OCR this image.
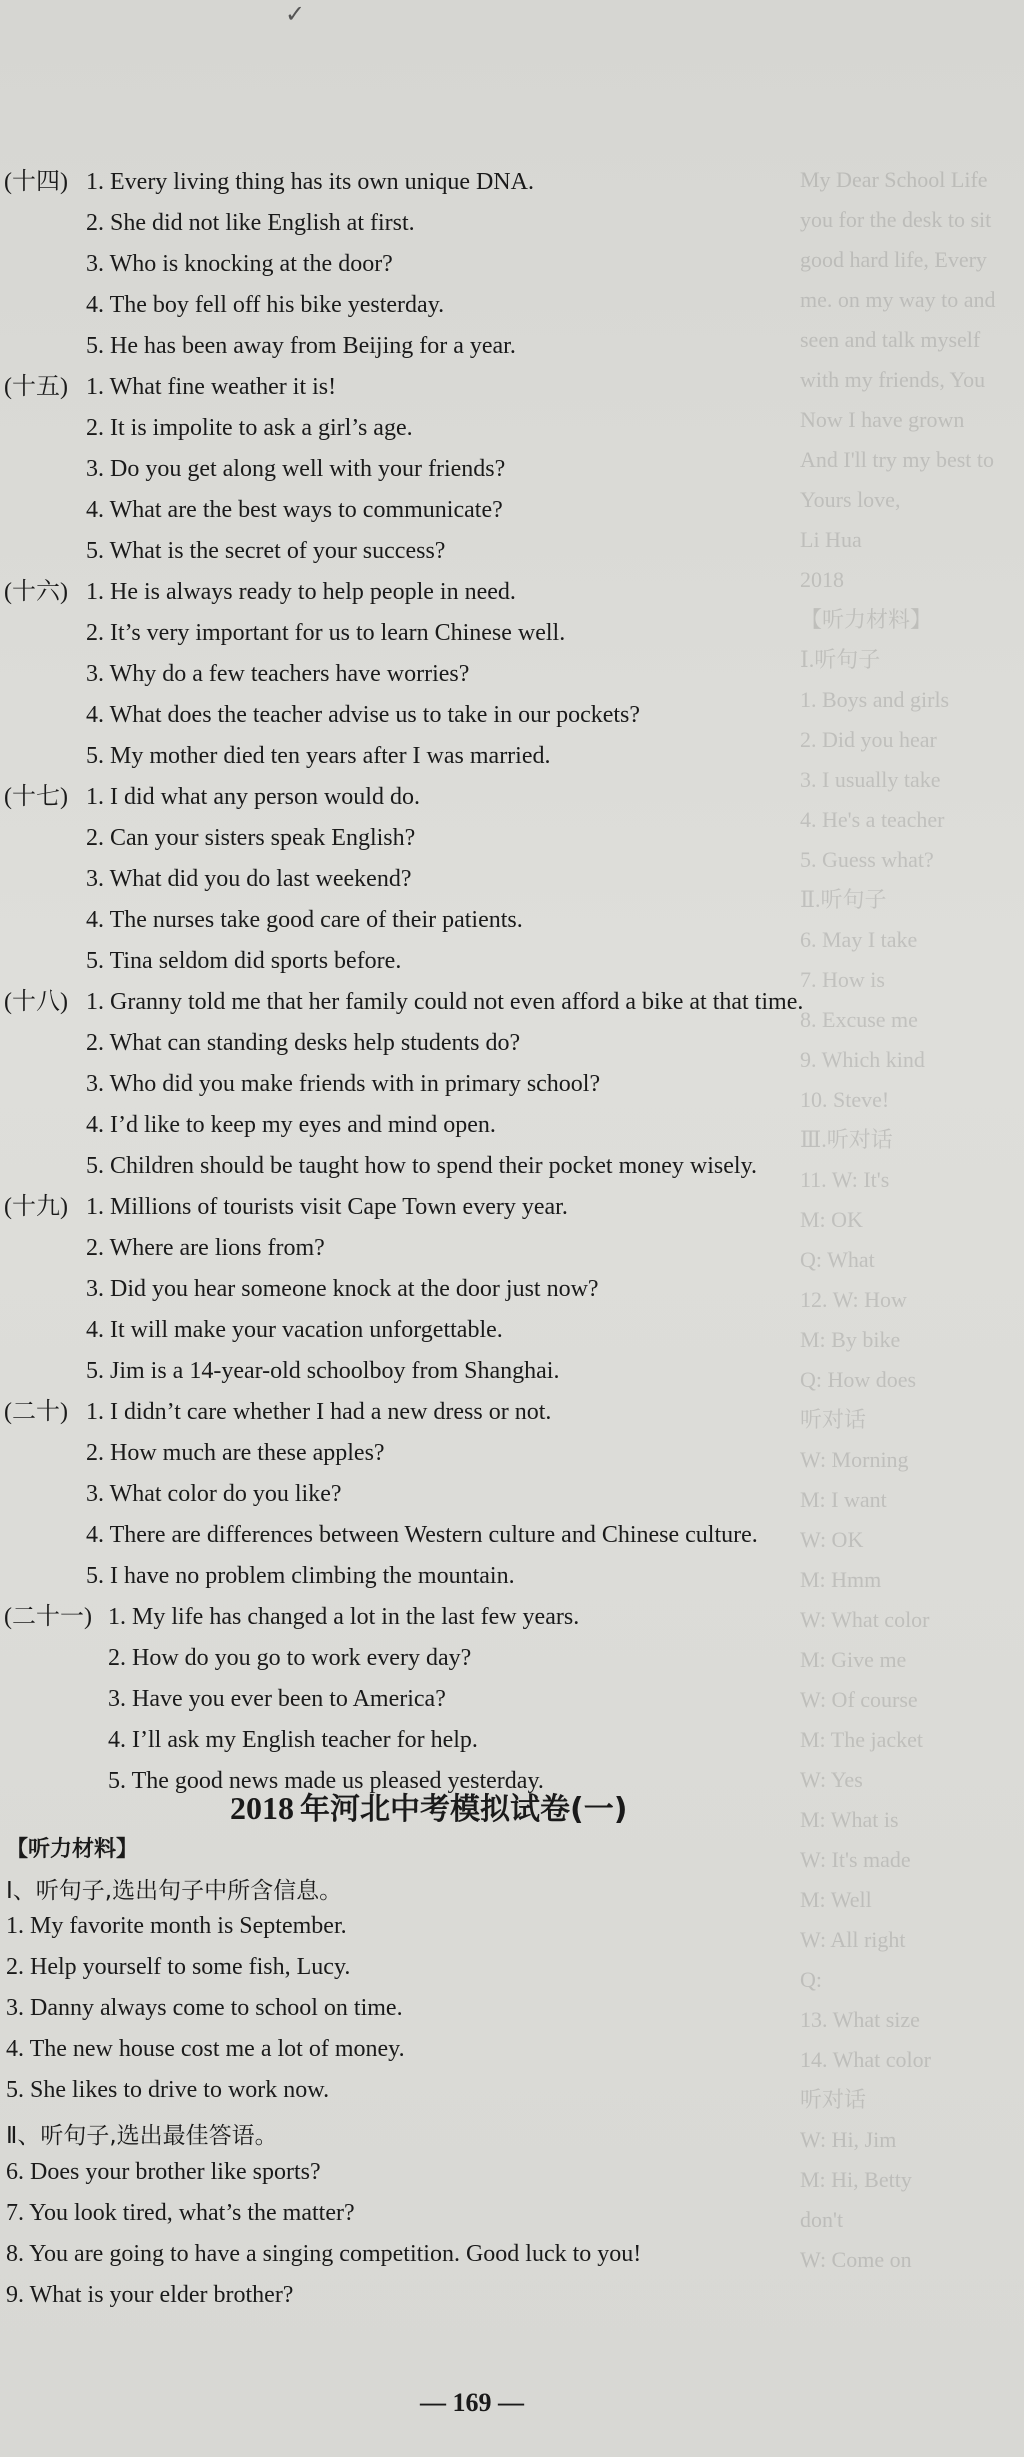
My Dear School Life
you for the desk to sit
good hard life, Every
me. on my way to and
seen and talk myself
with my friends, You
Now I have grown
And I'll try my best to
Yours love,
Li Hua
2018
【听力材料】
Ⅰ.听句子
1. Boys and girls
2. Did you hear
3. I usually take
4. He's a teacher
5. Guess what?
Ⅱ.听句子
6. May I take
7. How is
8. Excuse me
9. Which kind
10. Steve!
Ⅲ.听对话
11. W: It's
M: OK
Q: What
12. W: How
M: By bike
Q: How does
听对话
W: Morning
M: I want
W: OK
M: Hmm
W: What color
M: Give me
W: Of course
M: The jacket
W: Yes
M: What is
W: It's made
M: Well
W: All right
Q:
13. What size
14. What color
听对话
W: Hi, Jim
M: Hi, Betty
don't
W: Come on
✓
(十四) 1. Every living thing has its own unique DNA.
2. She did not like English at first.
3. Who is knocking at the door?
4. The boy fell off his bike yesterday.
5. He has been away from Beijing for a year.
(十五) 1. What fine weather it is!
2. It is impolite to ask a girl’s age.
3. Do you get along well with your friends?
4. What are the best ways to communicate?
5. What is the secret of your success?
(十六) 1. He is always ready to help people in need.
2. It’s very important for us to learn Chinese well.
3. Why do a few teachers have worries?
4. What does the teacher advise us to take in our pockets?
5. My mother died ten years after I was married.
(十七) 1. I did what any person would do.
2. Can your sisters speak English?
3. What did you do last weekend?
4. The nurses take good care of their patients.
5. Tina seldom did sports before.
(十八) 1. Granny told me that her family could not even afford a bike at that time.
2. What can standing desks help students do?
3. Who did you make friends with in primary school?
4. I’d like to keep my eyes and mind open.
5. Children should be taught how to spend their pocket money wisely.
(十九) 1. Millions of tourists visit Cape Town every year.
2. Where are lions from?
3. Did you hear someone knock at the door just now?
4. It will make your vacation unforgettable.
5. Jim is a 14-year-old schoolboy from Shanghai.
(二十) 1. I didn’t care whether I had a new dress or not.
2. How much are these apples?
3. What color do you like?
4. There are differences between Western culture and Chinese culture.
5. I have no problem climbing the mountain.
(二十一) 1. My life has changed a lot in the last few years.
2. How do you go to work every day?
3. Have you ever been to America?
4. I’ll ask my English teacher for help.
5. The good news made us pleased yesterday.
2018 年河北中考模拟试卷(一)
【听力材料】
Ⅰ、听句子,选出句子中所含信息。
1. My favorite month is September.
2. Help yourself to some fish, Lucy.
3. Danny always come to school on time.
4. The new house cost me a lot of money.
5. She likes to drive to work now.
Ⅱ、听句子,选出最佳答语。
6. Does your brother like sports?
7. You look tired, what’s the matter?
8. You are going to have a singing competition. Good luck to you!
9. What is your elder brother?
— 169 —
